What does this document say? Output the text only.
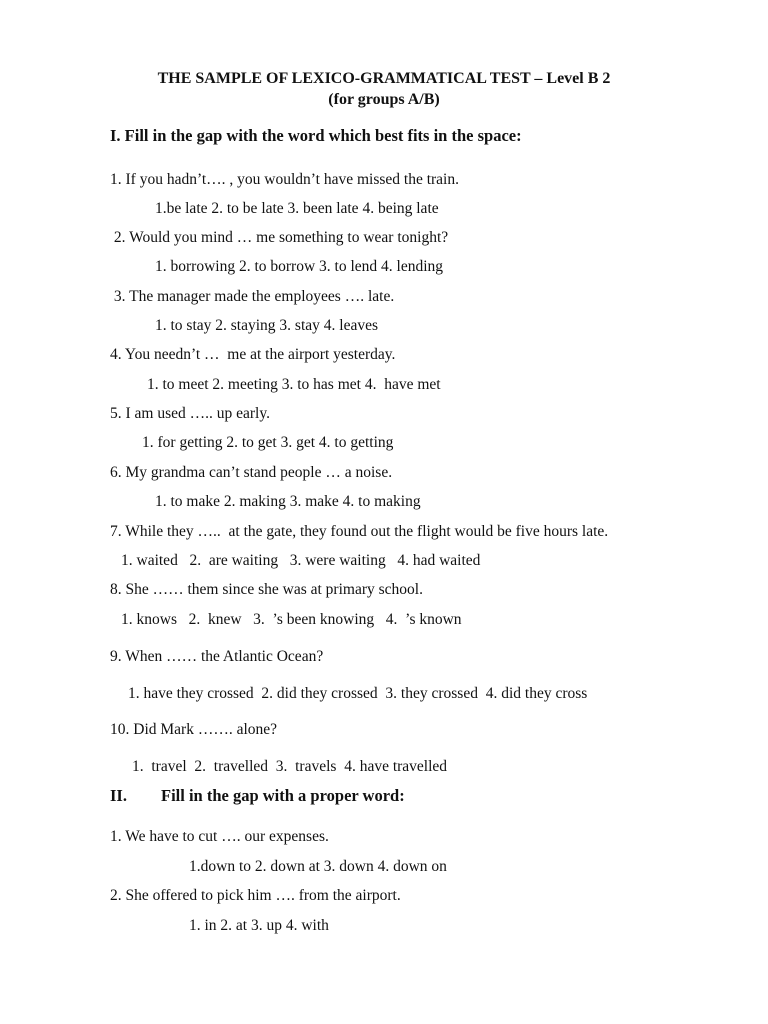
THE SAMPLE OF LEXICO-GRAMMATICAL TEST – Level B 2
(for groups A/B)
I. Fill in the gap with the word which best fits in the space:
1. If you hadn’t…. , you wouldn’t have missed the train.
1.be late 2. to be late 3. been late 4. being late
2. Would you mind … me something to wear tonight?
1. borrowing 2. to borrow 3. to lend 4. lending
3. The manager made the employees …. late.
1. to stay 2. staying 3. stay 4. leaves
4. You needn’t …  me at the airport yesterday.
1. to meet 2. meeting 3. to has met 4.  have met
5. I am used ….. up early.
1. for getting 2. to get 3. get 4. to getting
6. My grandma can’t stand people … a noise.
1. to make 2. making 3. make 4. to making
7. While they …..  at the gate, they found out the flight would be five hours late.
1. waited   2.  are waiting   3. were waiting   4. had waited
8. She …… them since she was at primary school.
1. knows   2.  knew   3.  ’s been knowing   4.  ’s known
9. When …… the Atlantic Ocean?
1. have they crossed  2. did they crossed  3. they crossed  4. did they cross
10. Did Mark ……. alone?
1.  travel  2.  travelled  3.  travels  4. have travelled
II. Fill in the gap with a proper word:
1. We have to cut …. our expenses.
1.down to 2. down at 3. down 4. down on
2. She offered to pick him …. from the airport.
1. in 2. at 3. up 4. with
